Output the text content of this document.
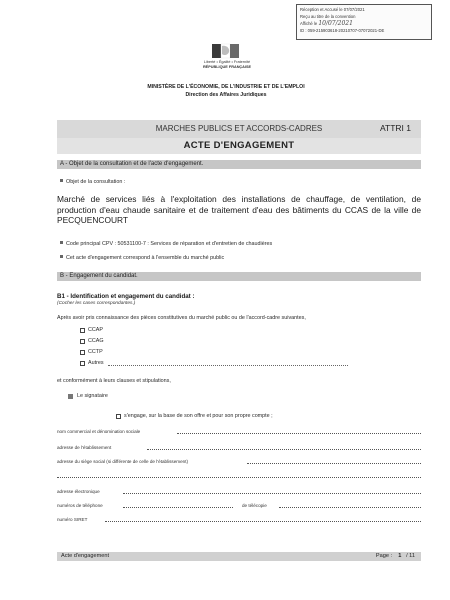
Réception et Accusé le 07/07/2021
Reçu au titre de la convention
Affiché le 10/07/2021
ID : 059-215903618-20210707-07072021-DE
Liberté • Égalité • Fraternité
RÉPUBLIQUE FRANÇAISE
MINISTÈRE DE L'ÉCONOMIE, DE L'INDUSTRIE ET DE L'EMPLOI
Direction des Affaires Juridiques
MARCHES PUBLICS ET ACCORDS-CADRES	ATTRI 1
ACTE D'ENGAGEMENT
A - Objet de la consultation et de l'acte d'engagement.
Objet de la consultation :
Marché de services liés à l'exploitation des installations de chauffage, de ventilation, de production d'eau chaude sanitaire et de traitement d'eau des bâtiments du CCAS de la ville de PECQUENCOURT
Code principal CPV : 50531100-7 : Services de réparation et d'entretien de chaudières
Cet acte d'engagement correspond à l'ensemble du marché public
B - Engagement du candidat.
B1 - Identification et engagement du candidat :
(Cocher les cases correspondantes.)
Après avoir pris connaissance des pièces constitutives du marché public ou de l'accord-cadre suivantes,
CCAP
CCAG
CCTP
Autres
et conformément à leurs clauses et stipulations,
Le signataire
s'engage, sur la base de son offre et pour son propre compte ;
nom commercial et dénomination sociale
adresse de l'établissement
adresse du siège social (si différente de celle de l'établissement)
adresse électronique
numéros de téléphone	de télécopie
numéro SIRET
Acte d'engagement	Page : 1 / 11
